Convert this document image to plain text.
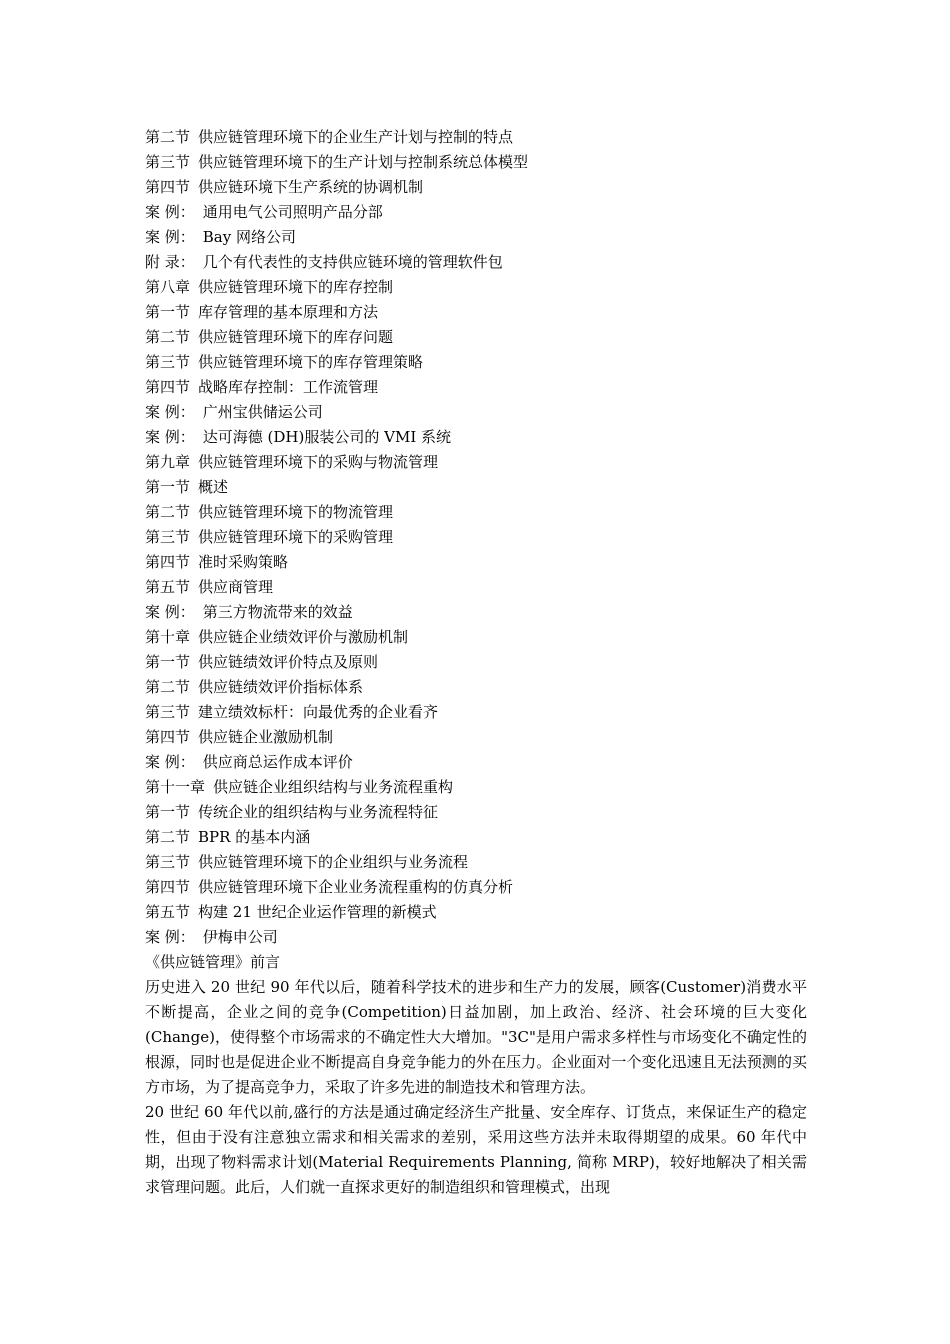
第二节 供应链管理环境下的企业生产计划与控制的特点
第三节 供应链管理环境下的生产计划与控制系统总体模型
第四节 供应链环境下生产系统的协调机制
案 例： 通用电气公司照明产品分部
案 例： Bay 网络公司
附 录： 几个有代表性的支持供应链环境的管理软件包
第八章 供应链管理环境下的库存控制
第一节 库存管理的基本原理和方法
第二节 供应链管理环境下的库存问题
第三节 供应链管理环境下的库存管理策略
第四节 战略库存控制：工作流管理
案 例： 广州宝供储运公司
案 例： 达可海德 (DH)服装公司的 VMI 系统
第九章 供应链管理环境下的采购与物流管理
第一节 概述
第二节 供应链管理环境下的物流管理
第三节 供应链管理环境下的采购管理
第四节 准时采购策略
第五节 供应商管理
案 例： 第三方物流带来的效益
第十章 供应链企业绩效评价与激励机制
第一节 供应链绩效评价特点及原则
第二节 供应链绩效评价指标体系
第三节 建立绩效标杆：向最优秀的企业看齐
第四节 供应链企业激励机制
案 例： 供应商总运作成本评价
第十一章 供应链企业组织结构与业务流程重构
第一节 传统企业的组织结构与业务流程特征
第二节 BPR 的基本内涵
第三节 供应链管理环境下的企业组织与业务流程
第四节 供应链管理环境下企业业务流程重构的仿真分析
第五节 构建 21 世纪企业运作管理的新模式
案 例： 伊梅申公司
《供应链管理》前言

历史进入 20 世纪 90 年代以后，随着科学技术的进步和生产力的发展，顾客(Customer)消费水平不断提高，企业之间的竞争(Competition)日益加剧，加上政治、经济、社会环境的巨大变化(Change)，使得整个市场需求的不确定性大大增加。"3C"是用户需求多样性与市场变化不确定性的根源，同时也是促进企业不断提高自身竞争能力的外在压力。企业面对一个变化迅速且无法预测的买方市场，为了提高竞争力，采取了许多先进的制造技术和管理方法。

20 世纪 60 年代以前,盛行的方法是通过确定经济生产批量、安全库存、订货点，来保证生产的稳定性，但由于没有注意独立需求和相关需求的差别，采用这些方法并未取得期望的成果。60 年代中期，出现了物料需求计划(Material Requirements Planning, 简称 MRP)，较好地解决了相关需求管理问题。此后，人们就一直探求更好的制造组织和管理模式，出现
